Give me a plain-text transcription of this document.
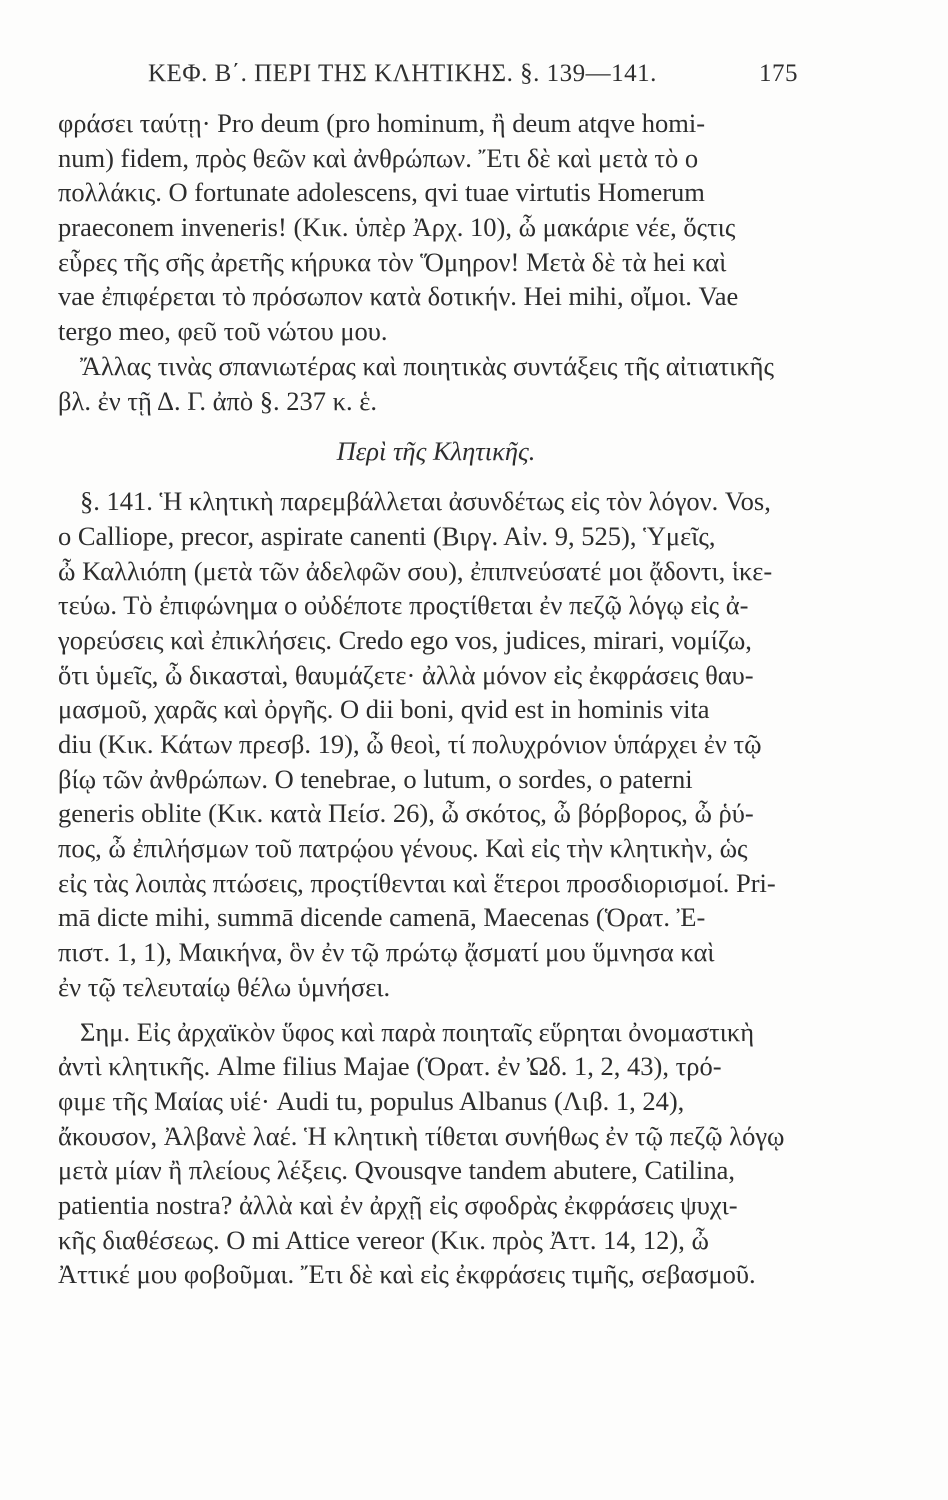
ΚΕΦ. Β΄. ΠΕΡΙ ΤΗΣ ΚΛΗΤΙΚΗΣ. §. 139—141.	175
φράσει ταύτῃ· Pro deum (pro hominum, ἢ deum atqve homi-
num) fidem, πρὸς θεῶν καὶ ἀνθρώπων. Ἔτι δὲ καὶ μετὰ τὸ ο
πολλάκις. O fortunate adolescens, qvi tuae virtutis Homerum
praeconem inveneris! (Κικ. ὑπὲρ Ἀρχ. 10), ὦ μακάριε νέε, ὅςτις
εὗρες τῆς σῆς ἀρετῆς κήρυκα τὸν Ὅμηρον! Μετὰ δὲ τὰ hei καὶ
vae ἐπιφέρεται τὸ πρόσωπον κατὰ δοτικήν. Hei mihi, οἴμοι. Vae
tergo meo, φεῦ τοῦ νώτου μου.
Ἄλλας τινὰς σπανιωτέρας καὶ ποιητικὰς συντάξεις τῆς αἰτιατικῆς
βλ. ἐν τῇ Δ. Γ. ἀπὸ §. 237 κ. ἑ.
Περὶ τῆς Κλητικῆς.
§. 141. Ἡ κλητικὴ παρεμβάλλεται ἀσυνδέτως εἰς τὸν λόγον. Vos,
o Calliope, precor, aspirate canenti (Βιργ. Αἰν. 9, 525), Ὑμεῖς,
ὦ Καλλιόπη (μετὰ τῶν ἀδελφῶν σου), ἐπιπνεύσατέ μοι ᾄδοντι, ἱκε-
τεύω. Τὸ ἐπιφώνημα ο οὐδέποτε προςτίθεται ἐν πεζῷ λόγῳ εἰς ἀ-
γορεύσεις καὶ ἐπικλήσεις. Credo ego vos, judices, mirari, νομίζω,
ὅτι ὑμεῖς, ὦ δικασταὶ, θαυμάζετε· ἀλλὰ μόνον εἰς ἐκφράσεις θαυ-
μασμοῦ, χαρᾶς καὶ ὀργῆς. O dii boni, qvid est in hominis vita
diu (Κικ. Κάτων πρεσβ. 19), ὦ θεοὶ, τί πολυχρόνιον ὑπάρχει ἐν τῷ
βίῳ τῶν ἀνθρώπων. O tenebrae, o lutum, o sordes, o paterni
generis oblite (Κικ. κατὰ Πείσ. 26), ὦ σκότος, ὦ βόρβορος, ὦ ῥύ-
πος, ὦ ἐπιλήσμων τοῦ πατρῴου γένους. Καὶ εἰς τὴν κλητικὴν, ὡς
εἰς τὰς λοιπὰς πτώσεις, προςτίθενται καὶ ἕτεροι προσδιορισμοί. Pri-
mā dicte mihi, summā dicende camenā, Maecenas (Ὁρατ. Ἐ-
πιστ. 1, 1), Μαικήνα, ὃν ἐν τῷ πρώτῳ ᾄσματί μου ὕμνησα καὶ
ἐν τῷ τελευταίῳ θέλω ὑμνήσει.
Σημ. Εἰς ἀρχαϊκὸν ὕφος καὶ παρὰ ποιηταῖς εὕρηται ὀνομαστικὴ
ἀντὶ κλητικῆς. Alme filius Majae (Ὁρατ. ἐν Ὠδ. 1, 2, 43), τρό-
φιμε τῆς Μαίας υἱέ· Audi tu, populus Albanus (Λιβ. 1, 24),
ἄκουσον, Ἀλβανὲ λαέ. Ἡ κλητικὴ τίθεται συνήθως ἐν τῷ πεζῷ λόγῳ
μετὰ μίαν ἢ πλείους λέξεις. Qvousqve tandem abutere, Catilina,
patientia nostra? ἀλλὰ καὶ ἐν ἀρχῇ εἰς σφοδρὰς ἐκφράσεις ψυχι-
κῆς διαθέσεως. O mi Attice vereor (Κικ. πρὸς Ἀττ. 14, 12), ὦ
Ἀττικέ μου φοβοῦμαι. Ἔτι δὲ καὶ εἰς ἐκφράσεις τιμῆς, σεβασμοῦ.
